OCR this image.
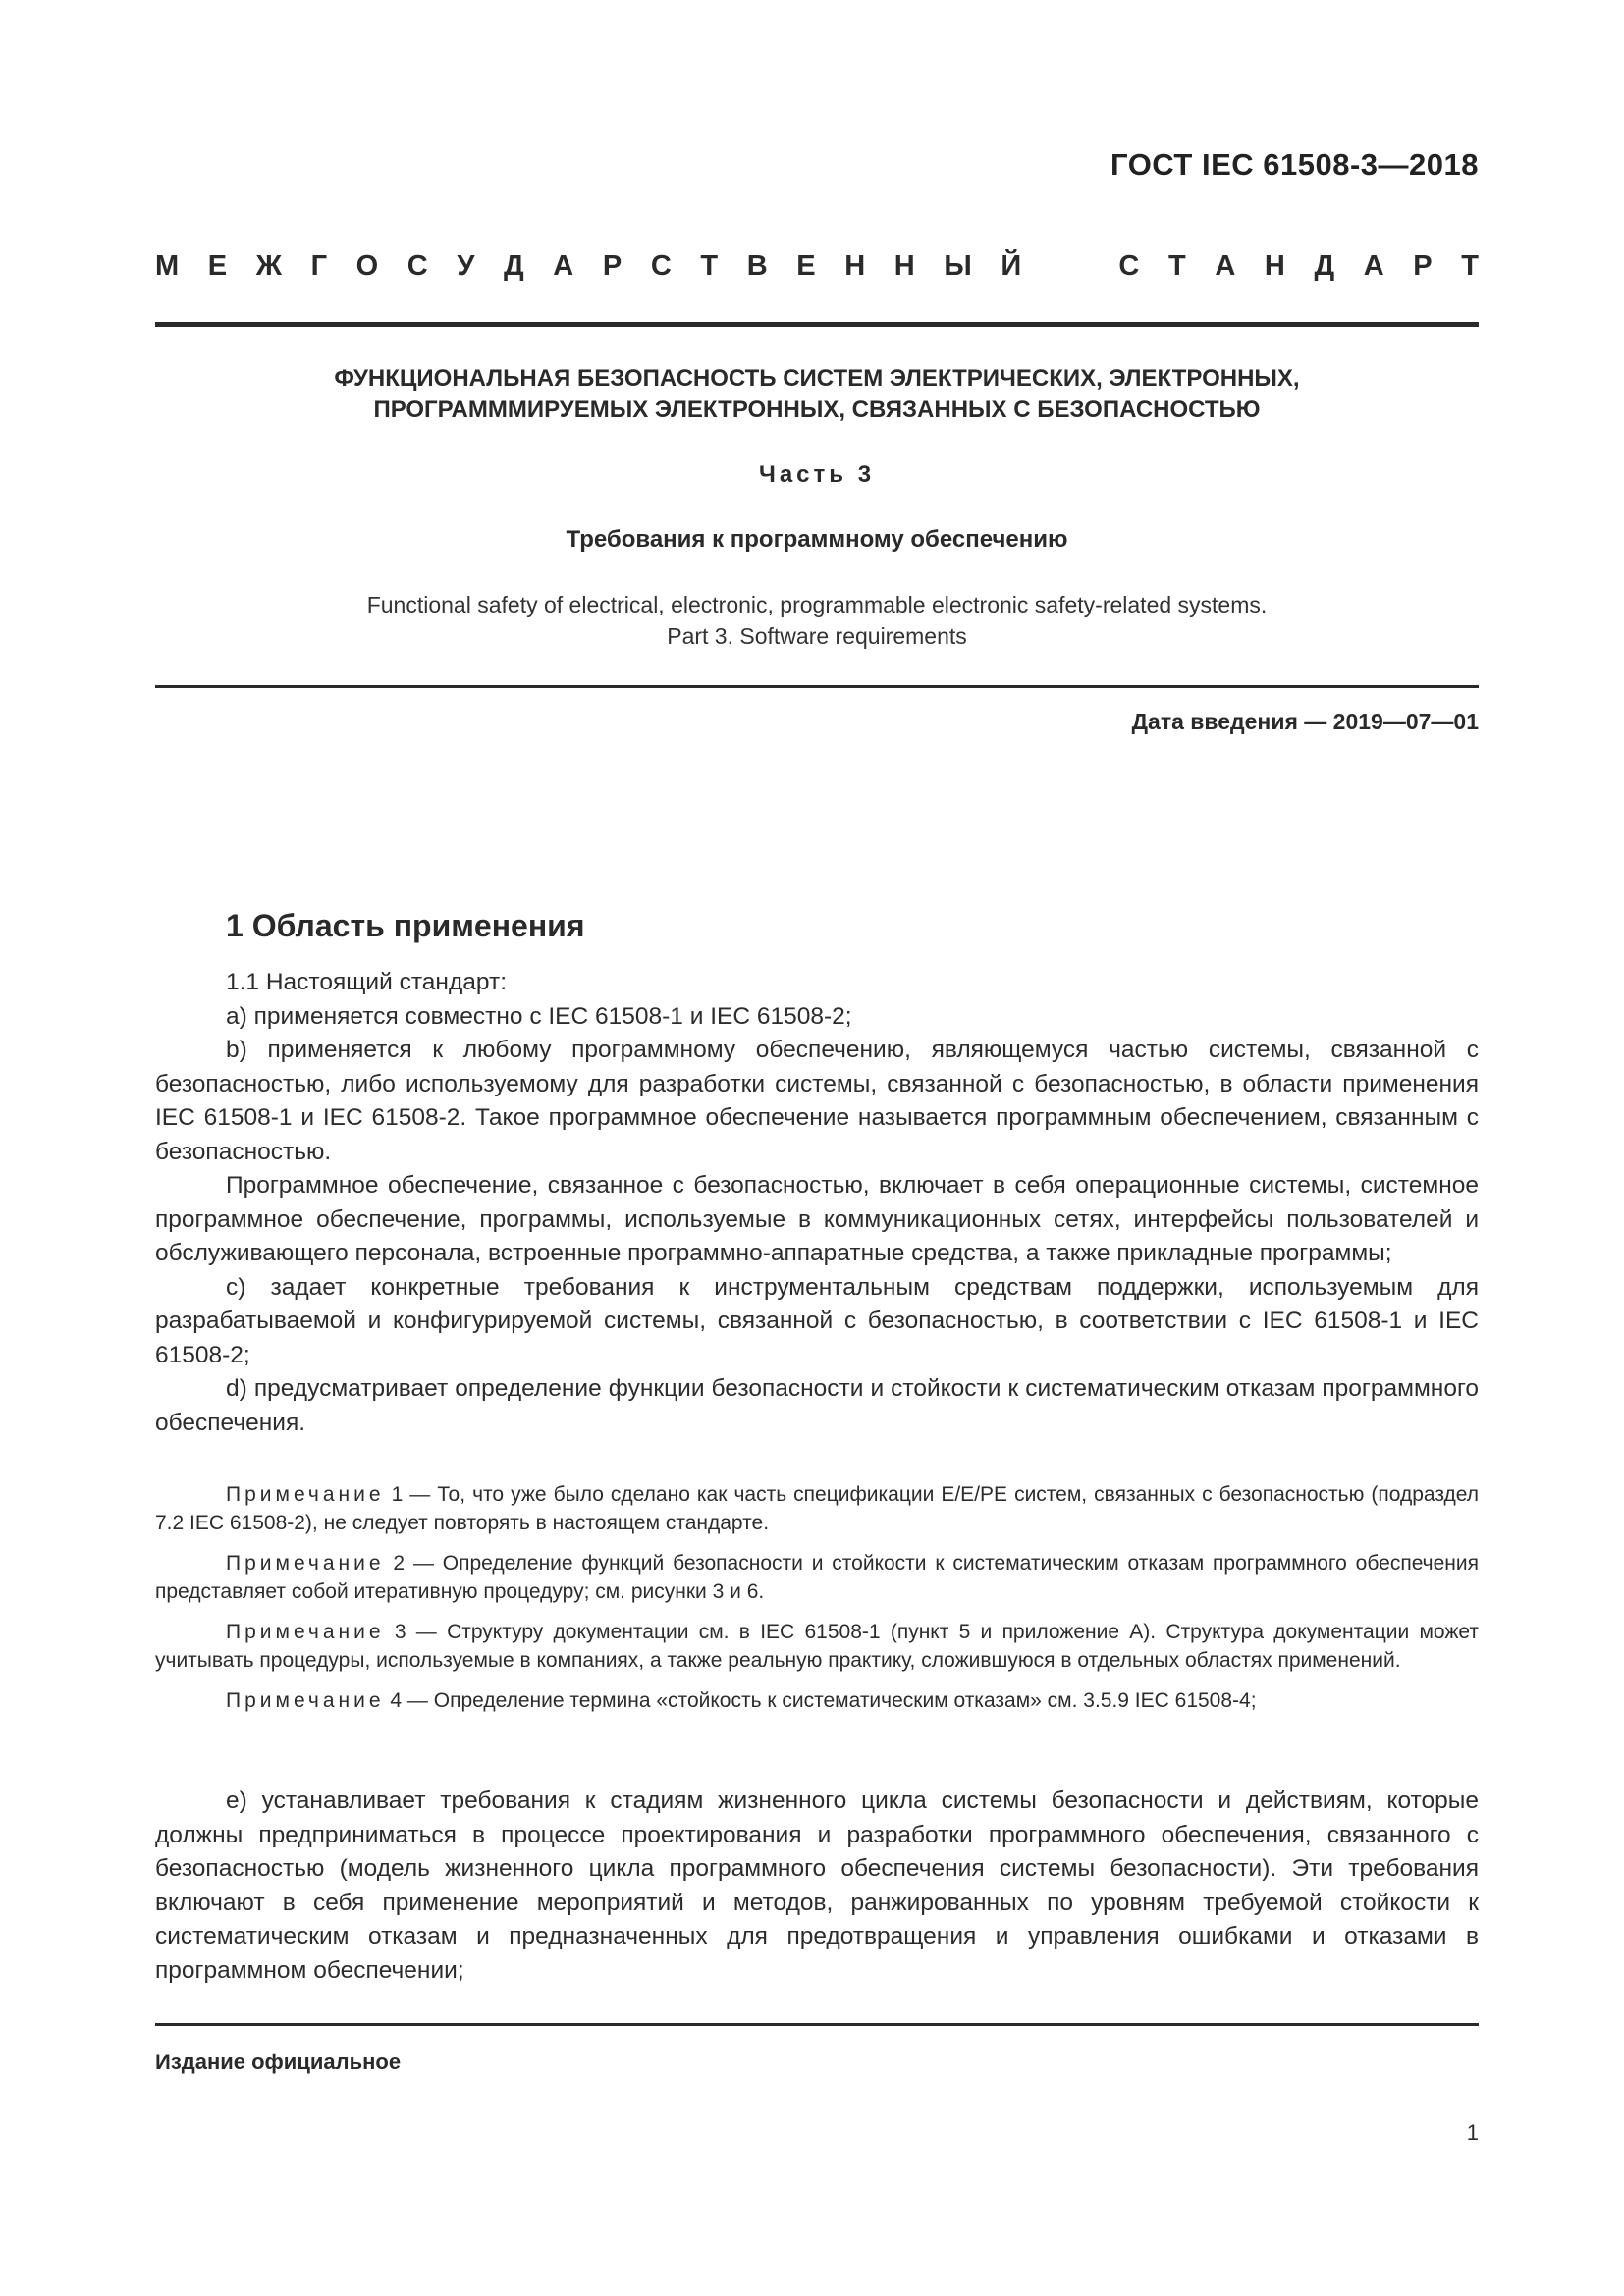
ГОСТ IEC 61508-3—2018
М Е Ж Г О С У Д А Р С Т В Е Н Н Ы Й	С Т А Н Д А Р Т
ФУНКЦИОНАЛЬНАЯ БЕЗОПАСНОСТЬ СИСТЕМ ЭЛЕКТРИЧЕСКИХ, ЭЛЕКТРОННЫХ,
ПРОГРАМММИРУЕМЫХ ЭЛЕКТРОННЫХ, СВЯЗАННЫХ С БЕЗОПАСНОСТЬЮ
Часть 3
Требования к программному обеспечению
Functional safety of electrical, electronic, programmable electronic safety-related systems.
Part 3. Software requirements
Дата введения — 2019—07—01
1 Область применения

1.1 Настоящий стандарт:

a) применяется совместно с IEC 61508-1 и IEC 61508-2;

b) применяется к любому программному обеспечению, являющемуся частью системы, связанной с безопасностью, либо используемому для разработки системы, связанной с безопасностью, в области применения IEC 61508-1 и IEC 61508-2. Такое программное обеспечение называется программным обеспечением, связанным с безопасностью.

Программное обеспечение, связанное с безопасностью, включает в себя операционные системы, системное программное обеспечение, программы, используемые в коммуникационных сетях, интерфейсы пользователей и обслуживающего персонала, встроенные программно-аппаратные средства, а также прикладные программы;

c) задает конкретные требования к инструментальным средствам поддержки, используемым для разрабатываемой и конфигурируемой системы, связанной с безопасностью, в соответствии с IEC 61508-1 и IEC 61508-2;

d) предусматривает определение функции безопасности и стойкости к систематическим отказам программного обеспечения.

Примечание 1 — То, что уже было сделано как часть спецификации E/E/PE систем, связанных с безопасностью (подраздел 7.2 IEC 61508-2), не следует повторять в настоящем стандарте.

Примечание 2 — Определение функций безопасности и стойкости к систематическим отказам программного обеспечения представляет собой итеративную процедуру; см. рисунки 3 и 6.

Примечание 3 — Структуру документации см. в IEC 61508-1 (пункт 5 и приложение А). Структура документации может учитывать процедуры, используемые в компаниях, а также реальную практику, сложившуюся в отдельных областях применений.

Примечание 4 — Определение термина «стойкость к систематическим отказам» см. 3.5.9 IEC 61508-4;

e) устанавливает требования к стадиям жизненного цикла системы безопасности и действиям, которые должны предприниматься в процессе проектирования и разработки программного обеспечения, связанного с безопасностью (модель жизненного цикла программного обеспечения системы безопасности). Эти требования включают в себя применение мероприятий и методов, ранжированных по уровням требуемой стойкости к систематическим отказам и предназначенных для предотвращения и управления ошибками и отказами в программном обеспечении;

Издание официальное
1
